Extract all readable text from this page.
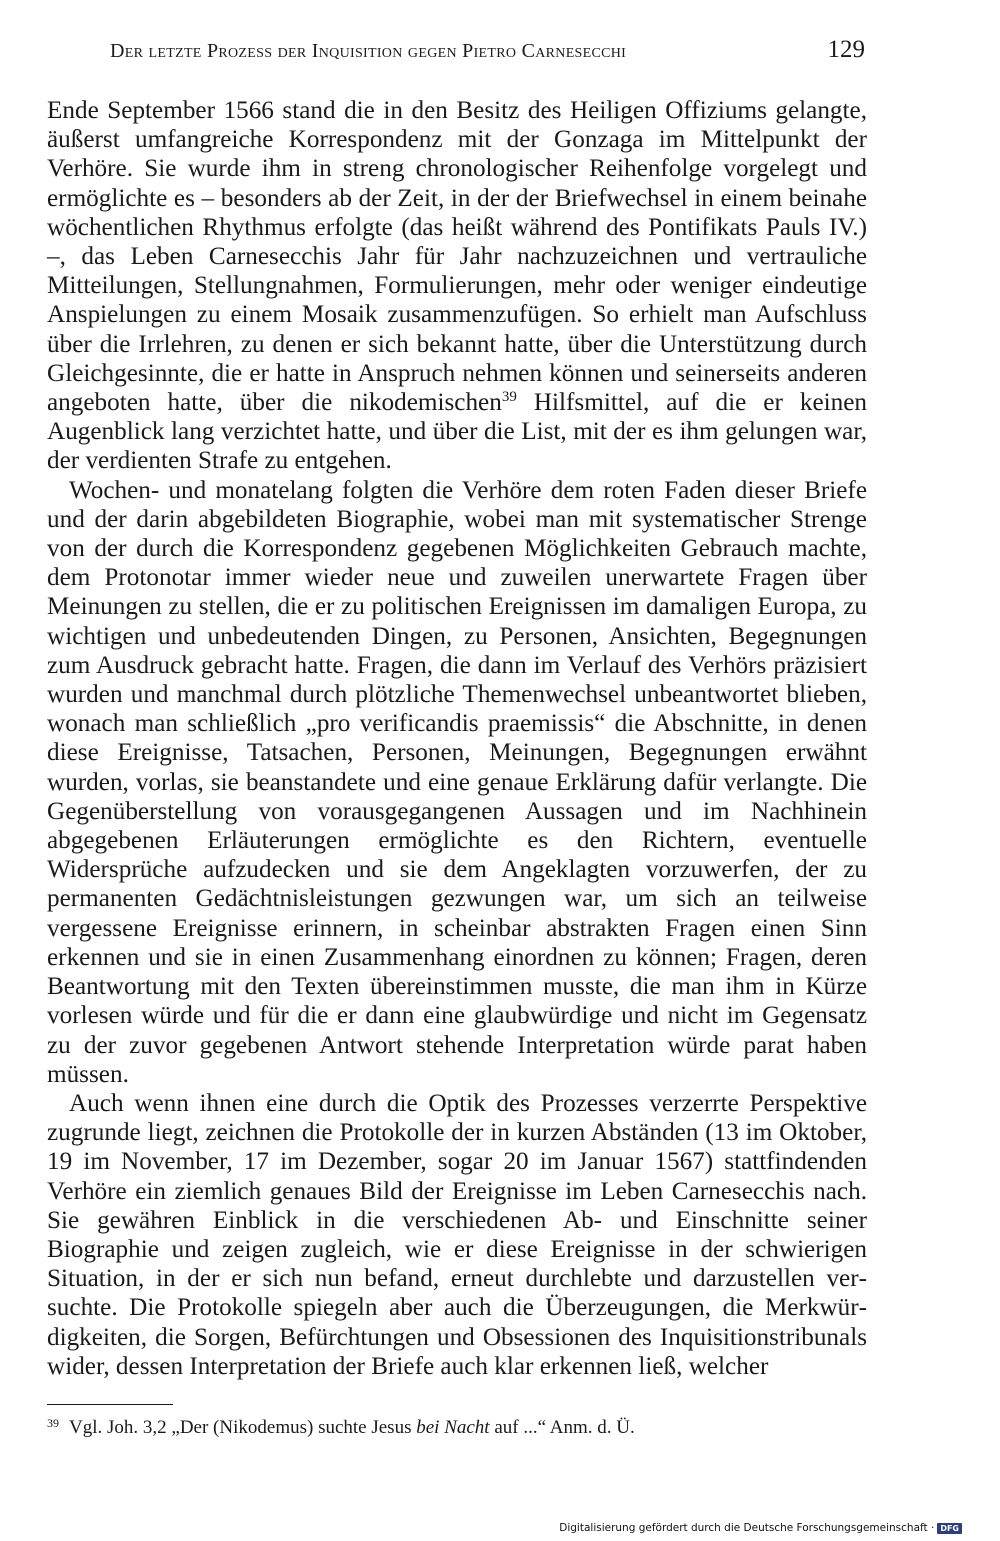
Der letzte Prozess der Inquisition gegen Pietro Carnesecchi	129

Ende September 1566 stand die in den Besitz des Heiligen Offiziums gelangte, äußerst umfangreiche Korrespondenz mit der Gonzaga im Mittelpunkt der Verhöre. Sie wurde ihm in streng chronologischer Reihenfolge vorgelegt und ermöglichte es – besonders ab der Zeit, in der der Briefwechsel in einem beinahe wöchentlichen Rhythmus erfolgte (das heißt während des Pontifikats Pauls IV.) –, das Leben Carnesecchis Jahr für Jahr nachzuzeichnen und vertrauliche Mitteilungen, Stellungnahmen, Formulierungen, mehr oder weniger eindeutige Anspielungen zu einem Mosaik zusammenzufügen. So erhielt man Aufschluss über die Irrlehren, zu denen er sich bekannt hatte, über die Unterstützung durch Gleichgesinnte, die er hatte in Anspruch nehmen können und seinerseits anderen angeboten hatte, über die nikodemischen$^{39}$ Hilfsmittel, auf die er keinen Augenblick lang verzichtet hatte, und über die List, mit der es ihm gelungen war, der verdienten Strafe zu entgehen.

Wochen- und monatelang folgten die Verhöre dem roten Faden dieser Briefe und der darin abgebildeten Biographie, wobei man mit systematischer Strenge von der durch die Korrespondenz gegebenen Möglichkeiten Gebrauch machte, dem Protonotar immer wieder neue und zuweilen unerwartete Fragen über Meinungen zu stellen, die er zu politischen Ereignissen im damaligen Europa, zu wichtigen und unbedeutenden Dingen, zu Personen, Ansichten, Begegnungen zum Ausdruck gebracht hatte. Fragen, die dann im Verlauf des Verhörs präzisiert wurden und manchmal durch plötzliche Themenwechsel unbeantwortet blieben, wonach man schließlich „pro verificandis praemissis“ die Abschnitte, in denen diese Ereignisse, Tatsachen, Personen, Meinungen, Begegnungen erwähnt wurden, vorlas, sie beanstandete und eine genaue Erklärung dafür verlangte. Die Gegenüberstellung von vorausgegangenen Aussagen und im Nachhinein abgegebenen Erläuterungen ermöglichte es den Richtern, eventuelle Widersprüche aufzudecken und sie dem Angeklagten vorzuwerfen, der zu permanenten Gedächtnisleistungen gezwungen war, um sich an teilweise vergessene Ereignisse erinnern, in scheinbar abstrakten Fragen einen Sinn erkennen und sie in einen Zusammenhang einordnen zu können; Fragen, deren Beantwortung mit den Texten übereinstimmen musste, die man ihm in Kürze vorlesen würde und für die er dann eine glaubwürdige und nicht im Gegensatz zu der zuvor gegebenen Antwort stehende Interpretation würde parat haben müssen.

Auch wenn ihnen eine durch die Optik des Prozesses verzerrte Perspektive zugrunde liegt, zeichnen die Protokolle der in kurzen Abständen (13 im Oktober, 19 im November, 17 im Dezember, sogar 20 im Januar 1567) stattfindenden Verhöre ein ziemlich genaues Bild der Ereignisse im Leben Carnesecchis nach. Sie gewähren Einblick in die verschiedenen Ab- und Einschnitte seiner Biographie und zeigen zugleich, wie er diese Ereignisse in der schwierigen Situation, in der er sich nun befand, erneut durchlebte und darzustellen versuchte. Die Protokolle spiegeln aber auch die Überzeugungen, die Merkwürdigkeiten, die Sorgen, Befürchtungen und Obsessionen des Inquisitionstribunals wider, dessen Interpretation der Briefe auch klar erkennen ließ, welcher

$^{39}$ Vgl. Joh. 3,2 „Der (Nikodemus) suchte Jesus bei Nacht auf ...“ Anm. d. Ü.
Digitalisierung gefördert durch die Deutsche Forschungsgemeinschaft · DFG
